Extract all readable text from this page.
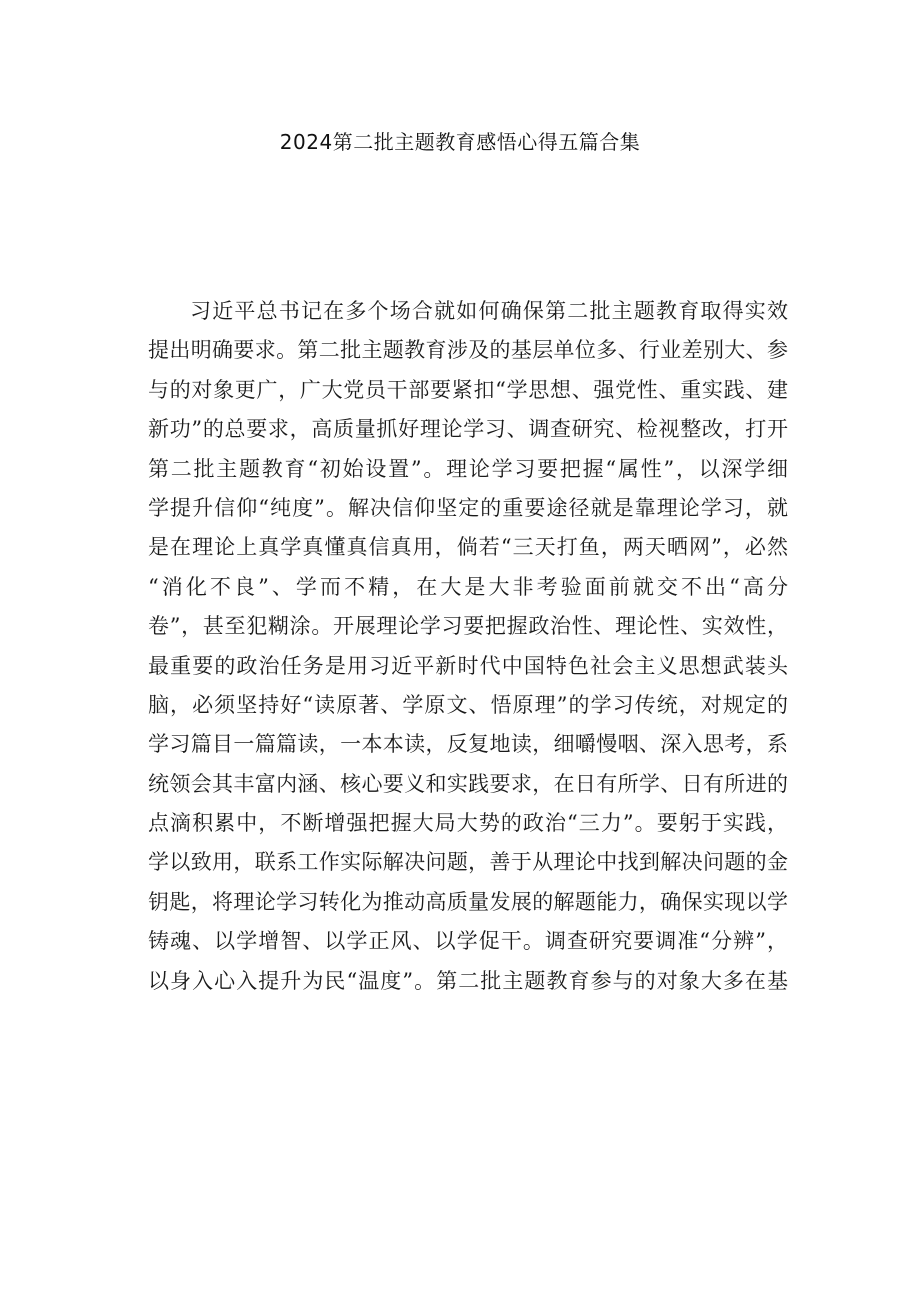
2024第二批主题教育感悟心得五篇合集
习近平总书记在多个场合就如何确保第二批主题教育取得实效
提出明确要求。第二批主题教育涉及的基层单位多、行业差别大、参
与的对象更广，广大党员干部要紧扣“学思想、强党性、重实践、建
新功”的总要求，高质量抓好理论学习、调查研究、检视整改，打开
第二批主题教育“初始设置”。理论学习要把握“属性”，以深学细
学提升信仰“纯度”。解决信仰坚定的重要途径就是靠理论学习，就
是在理论上真学真懂真信真用，倘若“三天打鱼，两天晒网”，必然
“消化不良”、学而不精，在大是大非考验面前就交不出“高分
卷”，甚至犯糊涂。开展理论学习要把握政治性、理论性、实效性，
最重要的政治任务是用习近平新时代中国特色社会主义思想武装头
脑，必须坚持好“读原著、学原文、悟原理”的学习传统，对规定的
学习篇目一篇篇读，一本本读，反复地读，细嚼慢咽、深入思考，系
统领会其丰富内涵、核心要义和实践要求，在日有所学、日有所进的
点滴积累中，不断增强把握大局大势的政治“三力”。要躬于实践，
学以致用，联系工作实际解决问题，善于从理论中找到解决问题的金
钥匙，将理论学习转化为推动高质量发展的解题能力，确保实现以学
铸魂、以学增智、以学正风、以学促干。调查研究要调准“分辨”，
以身入心入提升为民“温度”。第二批主题教育参与的对象大多在基
